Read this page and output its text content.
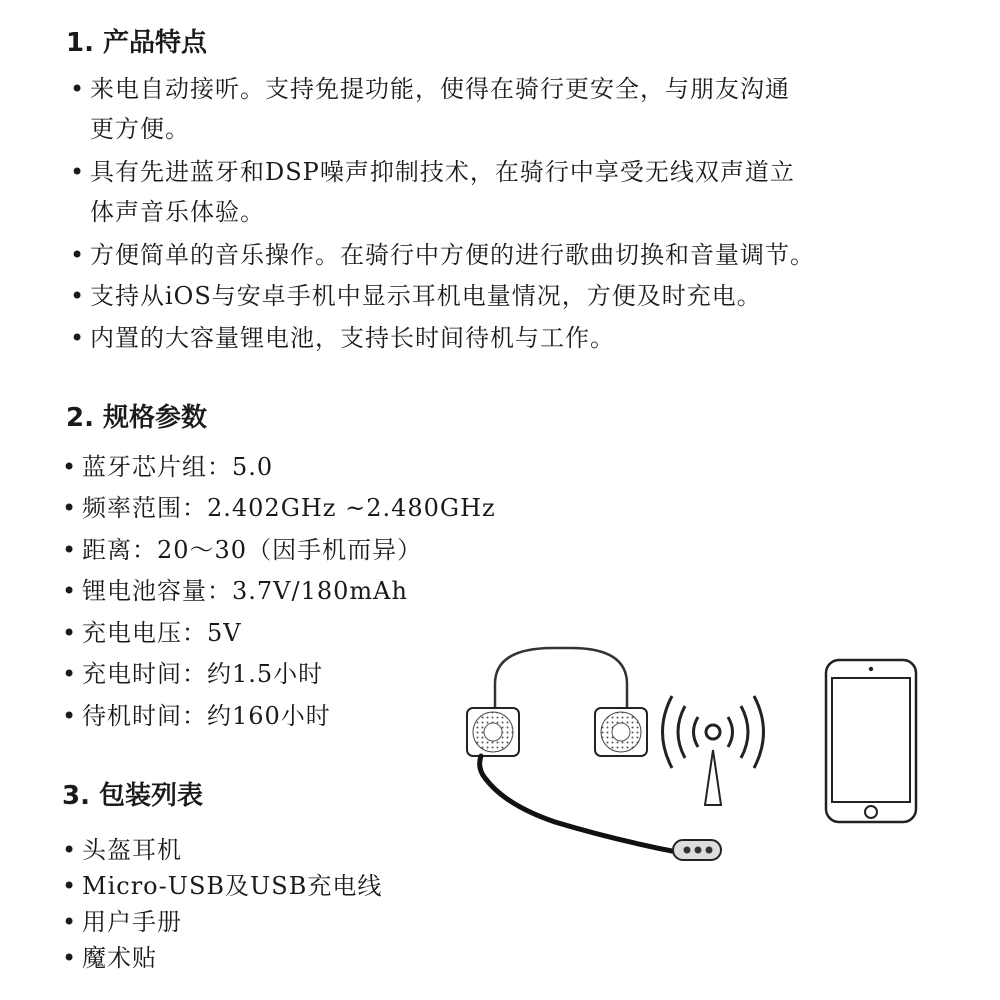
1. 产品特点
• 来电自动接听。支持免提功能，使得在骑行更安全，与朋友沟通
更方便。
• 具有先进蓝牙和DSP噪声抑制技术，在骑行中享受无线双声道立
体声音乐体验。
• 方便简单的音乐操作。在骑行中方便的进行歌曲切换和音量调节。
• 支持从iOS与安卓手机中显示耳机电量情况，方便及时充电。
• 内置的大容量锂电池，支持长时间待机与工作。
2. 规格参数
• 蓝牙芯片组：5.0
• 频率范围：2.402GHz ~2.480GHz
• 距离：20～30（因手机而异）
• 锂电池容量：3.7V/180mAh
• 充电电压：5V
• 充电时间：约1.5小时
• 待机时间：约160小时
3. 包装列表
• 头盔耳机
• Micro-USB及USB充电线
• 用户手册
• 魔术贴
